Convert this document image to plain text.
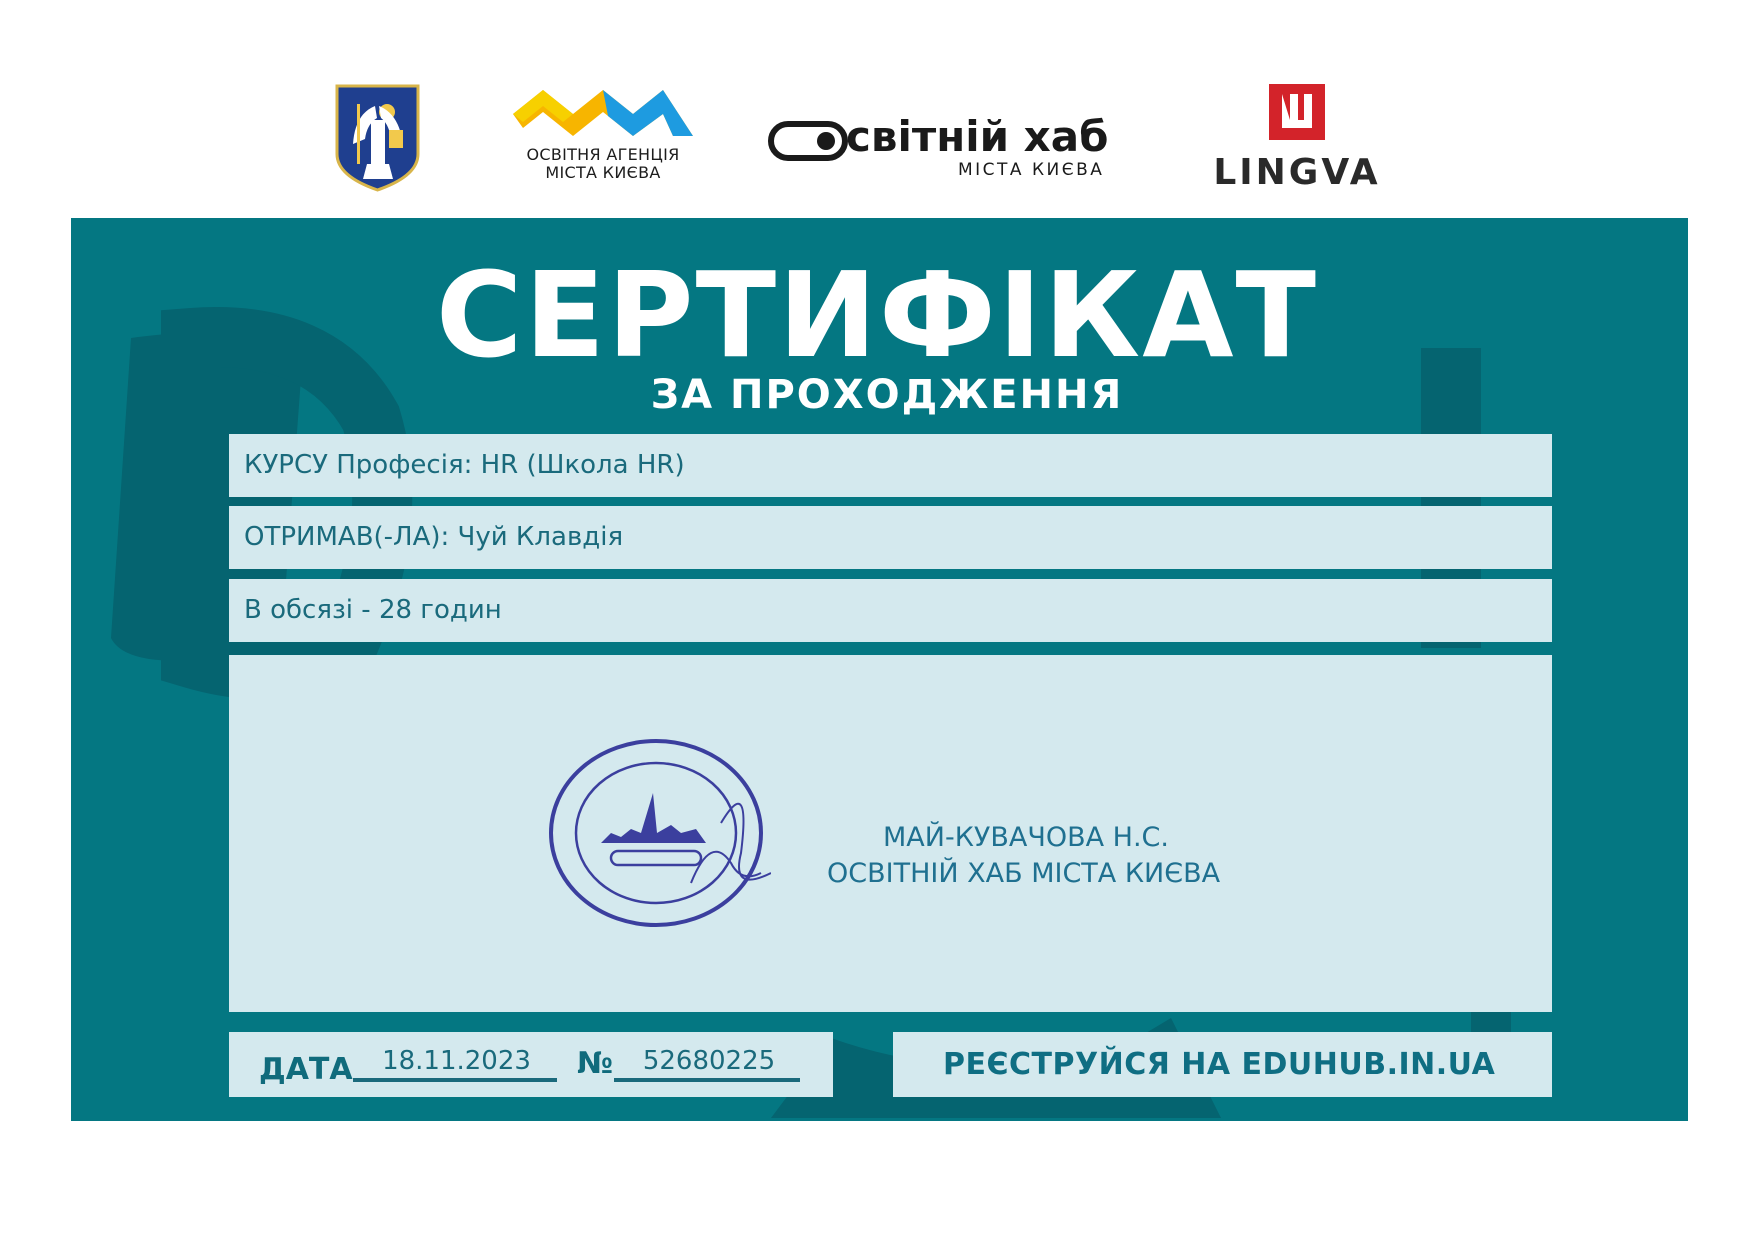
ОСВІТНЯ АГЕНЦІЯ
МІСТА КИЄВА
світній хаб
МІСТА КИЄВА	LINGVA
СЕРТИФІКАТ
ЗА ПРОХОДЖЕННЯ
КУРСУ Професія: HR (Школа HR)
ОТРИМАВ(-ЛА): Чуй Клавдія
В обсязі - 28 годин
МАЙ-КУВАЧОВА Н.С.
ОСВІТНІЙ ХАБ МІСТА КИЄВА
ДАТА	18.11.2023	№	52680225	РЕЄСТРУЙСЯ НА EDUHUB.IN.UA
